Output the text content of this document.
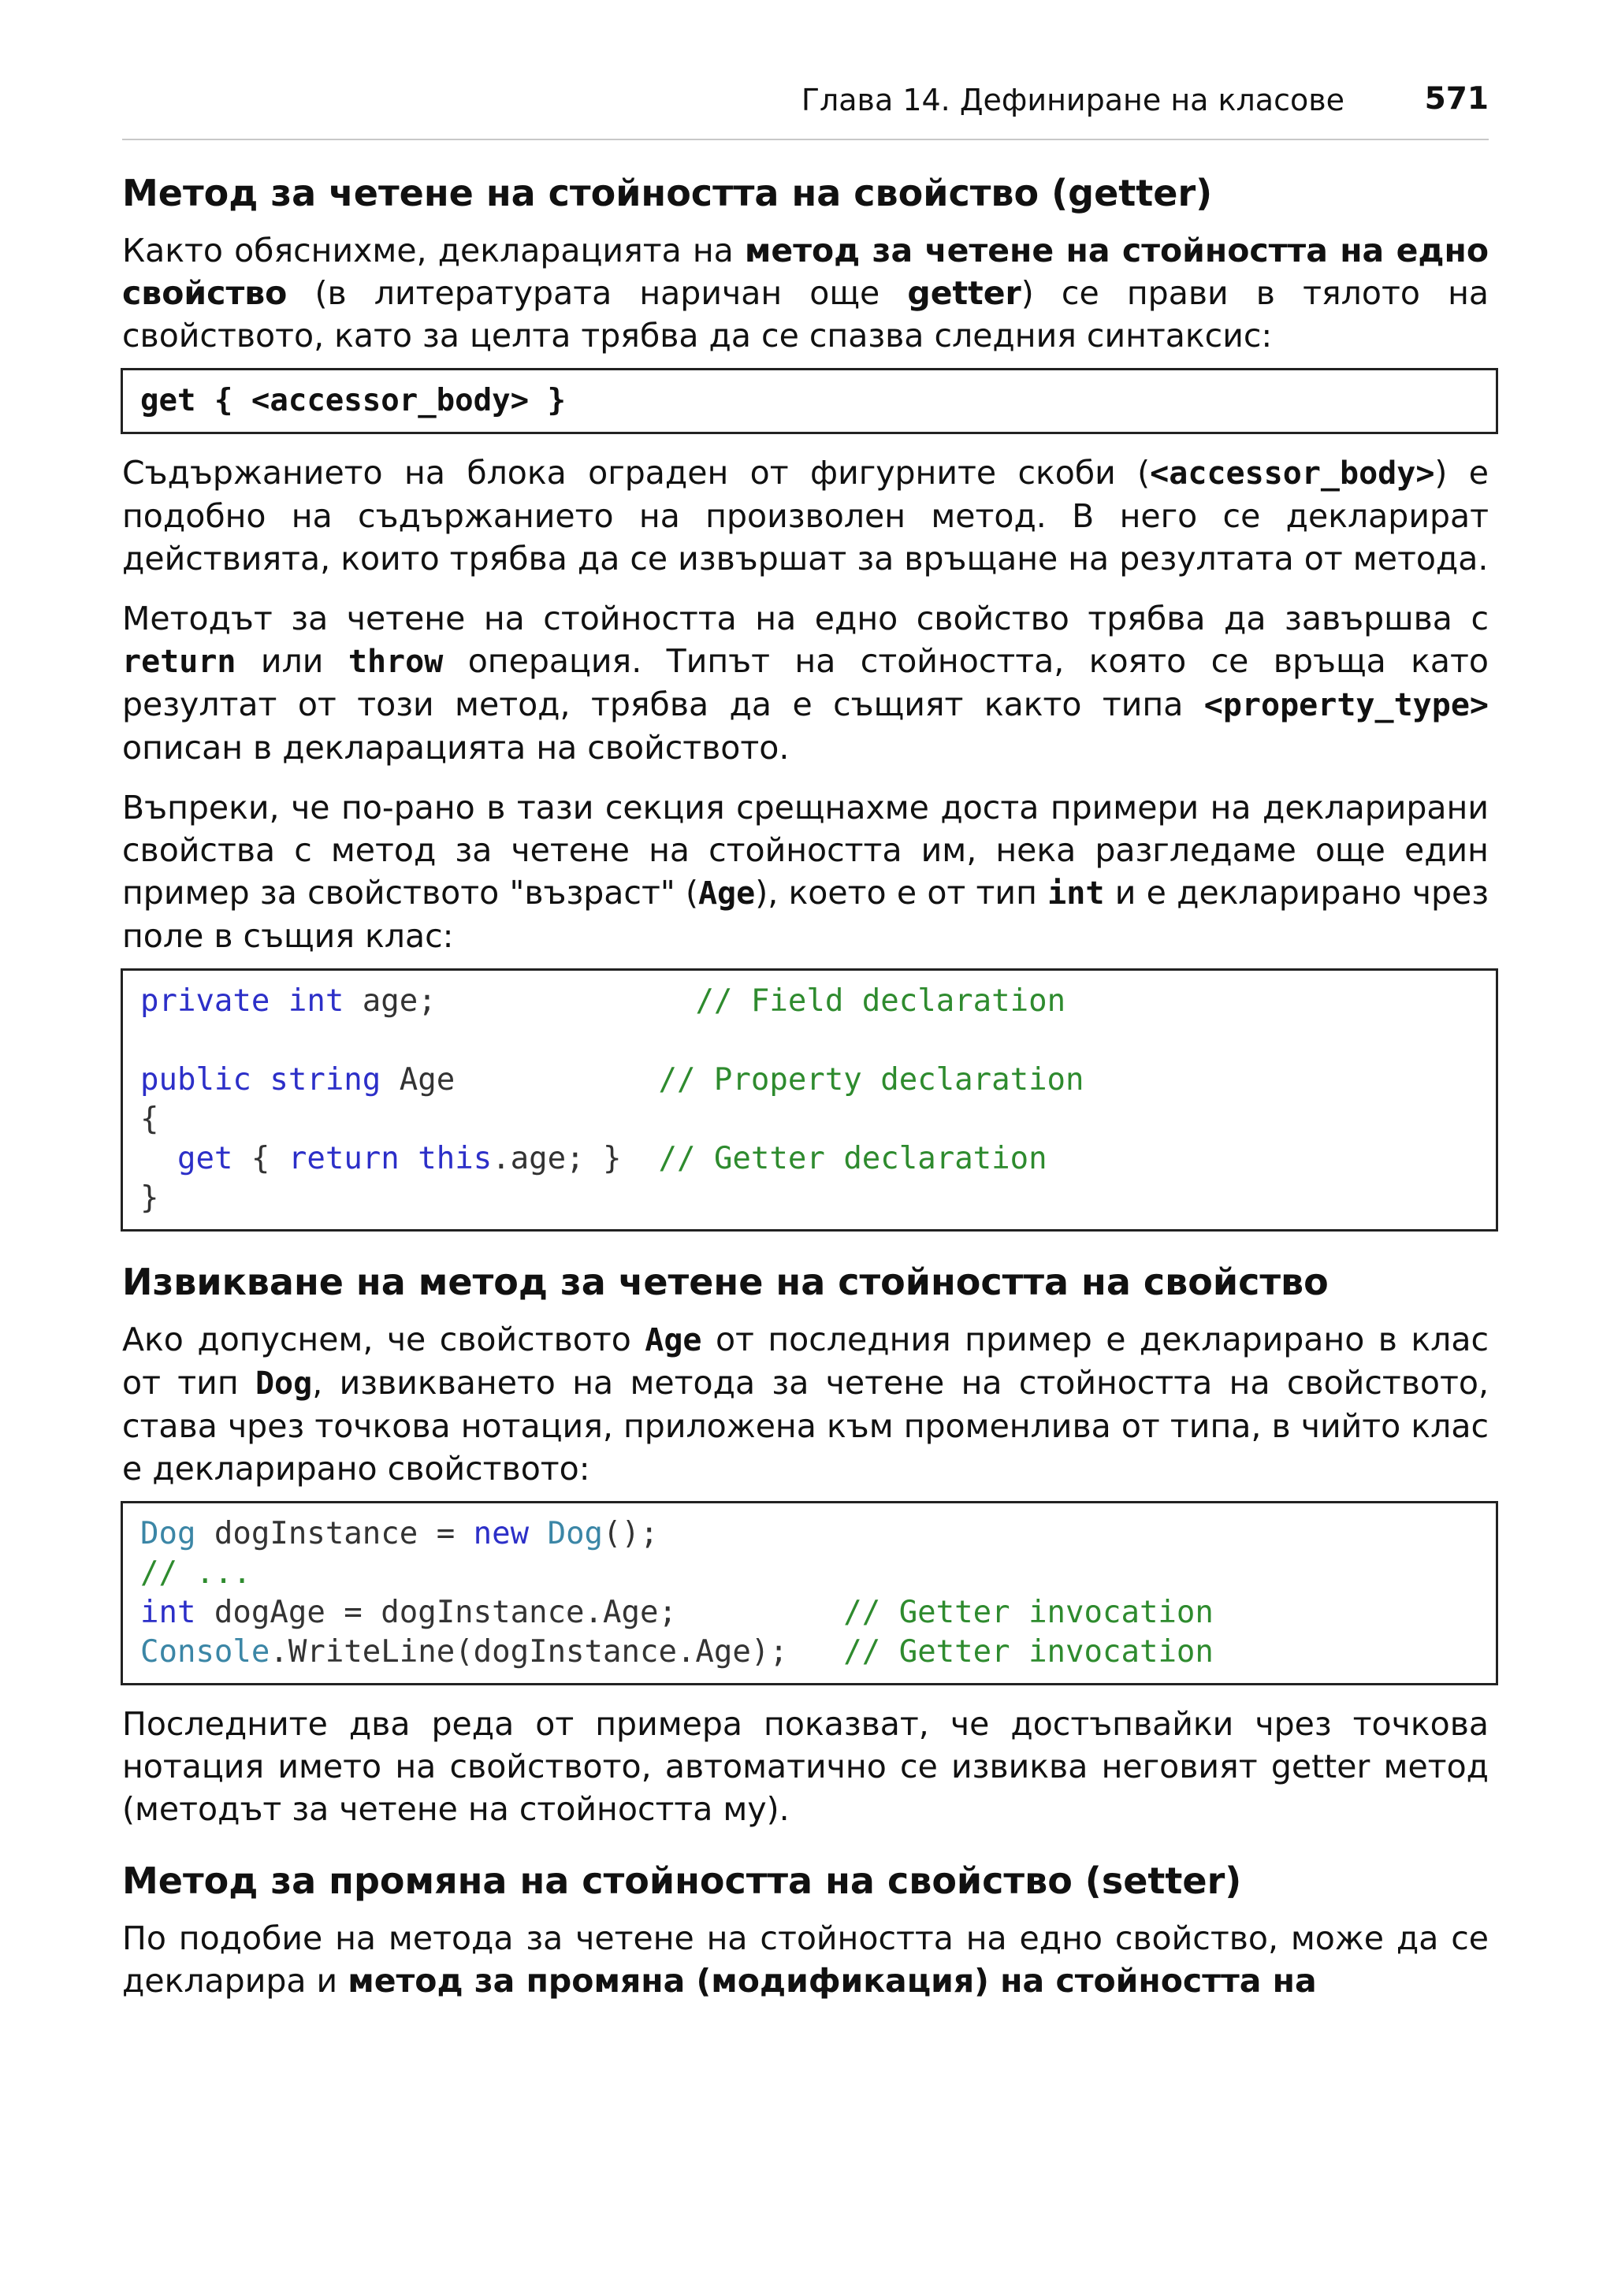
Глава 14. Дефиниране на класове	571
Метод за четене на стойността на свойство (getter)

Както обяснихме, декларацията на метод за четене на стойността на едно свойство (в литературата наричан още getter) се прави в тялото на свойството, като за целта трябва да се спазва следния синтаксис:

get { <accessor_body> }

Съдържанието на блока ограден от фигурните скоби (<accessor_body>) е подобно на съдържанието на произволен метод. В него се декларират действията, които трябва да се извършат за връщане на резултата от метода.

Методът за четене на стойността на едно свойство трябва да завършва с return или throw операция. Типът на стойността, която се връща като резултат от този метод, трябва да е същият както типа <property_type> описан в декларацията на свойството.

Въпреки, че по-рано в тази секция срещнахме доста примери на декларирани свойства с метод за четене на стойността им, нека разгледаме още един пример за свойството "възраст" (Age), което е от тип int и е декларирано чрез поле в същия клас:

private int age;	// Field declaration

public string Age	// Property declaration
{
get { return this.age; } // Getter declaration
}
Извикване на метод за четене на стойността на свойство

Ако допуснем, че свойството Age от последния пример е декларирано в клас от тип Dog, извикването на метода за четене на стойността на свойството, става чрез точкова нотация, приложена към променлива от типа, в чийто клас е декларирано свойството:

Dog dogInstance = new Dog();
// ...
int dogAge = dogInstance.Age;	// Getter invocation
Console.WriteLine(dogInstance.Age); // Getter invocation

Последните два реда от примера показват, че достъпвайки чрез точкова нотация името на свойството, автоматично се извиква неговият getter метод (методът за четене на стойността му).

Метод за промяна на стойността на свойство (setter)

По подобие на метода за четене на стойността на едно свойство, може да се декларира и метод за промяна (модификация) на стойността на
